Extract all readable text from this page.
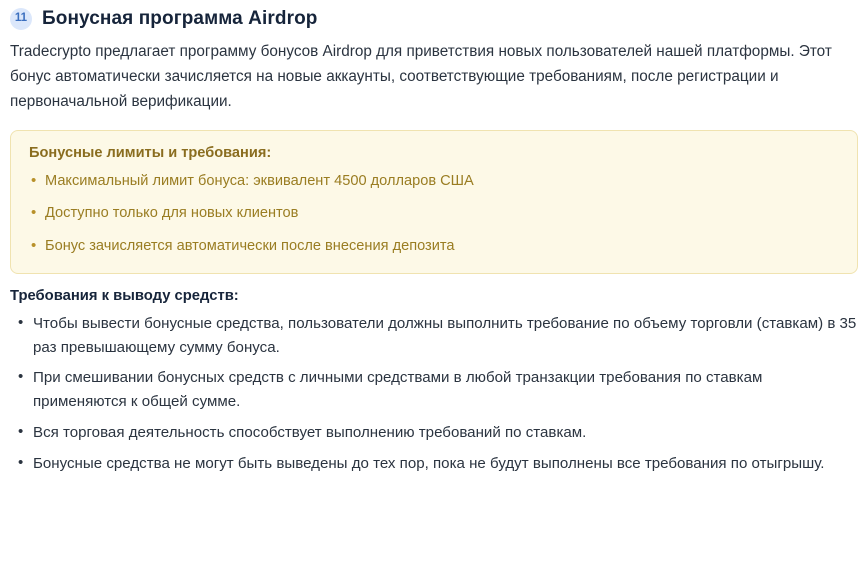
11 Бонусная программа Airdrop

Tradecrypto предлагает программу бонусов Airdrop для приветствия новых пользователей нашей платформы. Этот бонус автоматически зачисляется на новые аккаунты, соответствующие требованиям, после регистрации и первоначальной верификации.

Бонусные лимиты и требования:
• Максимальный лимит бонуса: эквивалент 4500 долларов США
• Доступно только для новых клиентов
• Бонус зачисляется автоматически после внесения депозита
Требования к выводу средств:
• Чтобы вывести бонусные средства, пользователи должны выполнить требование по объему торговли (ставкам) в 35 раз превышающему сумму бонуса.
• При смешивании бонусных средств с личными средствами в любой транзакции требования по ставкам применяются к общей сумме.
• Вся торговая деятельность способствует выполнению требований по ставкам.
• Бонусные средства не могут быть выведены до тех пор, пока не будут выполнены все требования по отыгрышу.
